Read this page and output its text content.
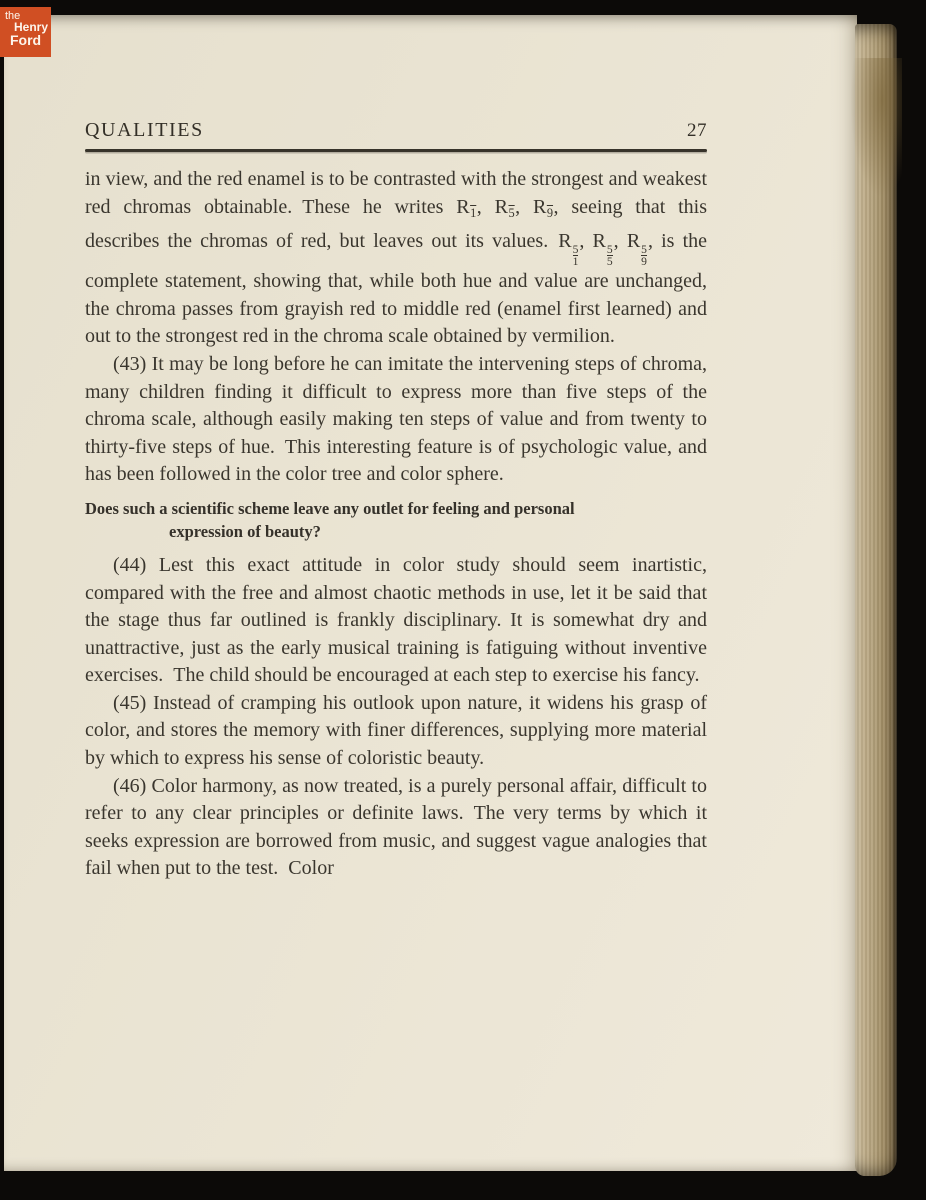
QUALITIES	27

in view, and the red enamel is to be contrasted with the strongest and weakest red chromas obtainable. These he writes $R_1$, $R_5$, $R_9$, seeing that this describes the chromas of red, but leaves out its values. R
$\frac{5}{1}$
, R
$\frac{5}{5}$
, R
$\frac{5}{9}$
, is the complete statement, showing that, while both hue and value are unchanged, the chroma passes from grayish red to middle red (enamel first learned) and out to the strongest red in the chroma scale obtained by vermilion.

(43) It may be long before he can imitate the intervening steps of chroma, many children finding it difficult to express more than five steps of the chroma scale, although easily making ten steps of value and from twenty to thirty-five steps of hue. This interesting feature is of psychologic value, and has been followed in the color tree and color sphere.

Does such a scientific scheme leave any outlet for feeling and personal
expression of beauty?

(44) Lest this exact attitude in color study should seem inartistic, compared with the free and almost chaotic methods in use, let it be said that the stage thus far outlined is frankly disciplinary. It is somewhat dry and unattractive, just as the early musical training is fatiguing without inventive exercises. The child should be encouraged at each step to exercise his fancy.

(45) Instead of cramping his outlook upon nature, it widens his grasp of color, and stores the memory with finer differences, supplying more material by which to express his sense of coloristic beauty.

(46) Color harmony, as now treated, is a purely personal affair, difficult to refer to any clear principles or definite laws. The very terms by which it seeks expression are borrowed from music, and suggest vague analogies that fail when put to the test. Color

the
Henry
Ford
